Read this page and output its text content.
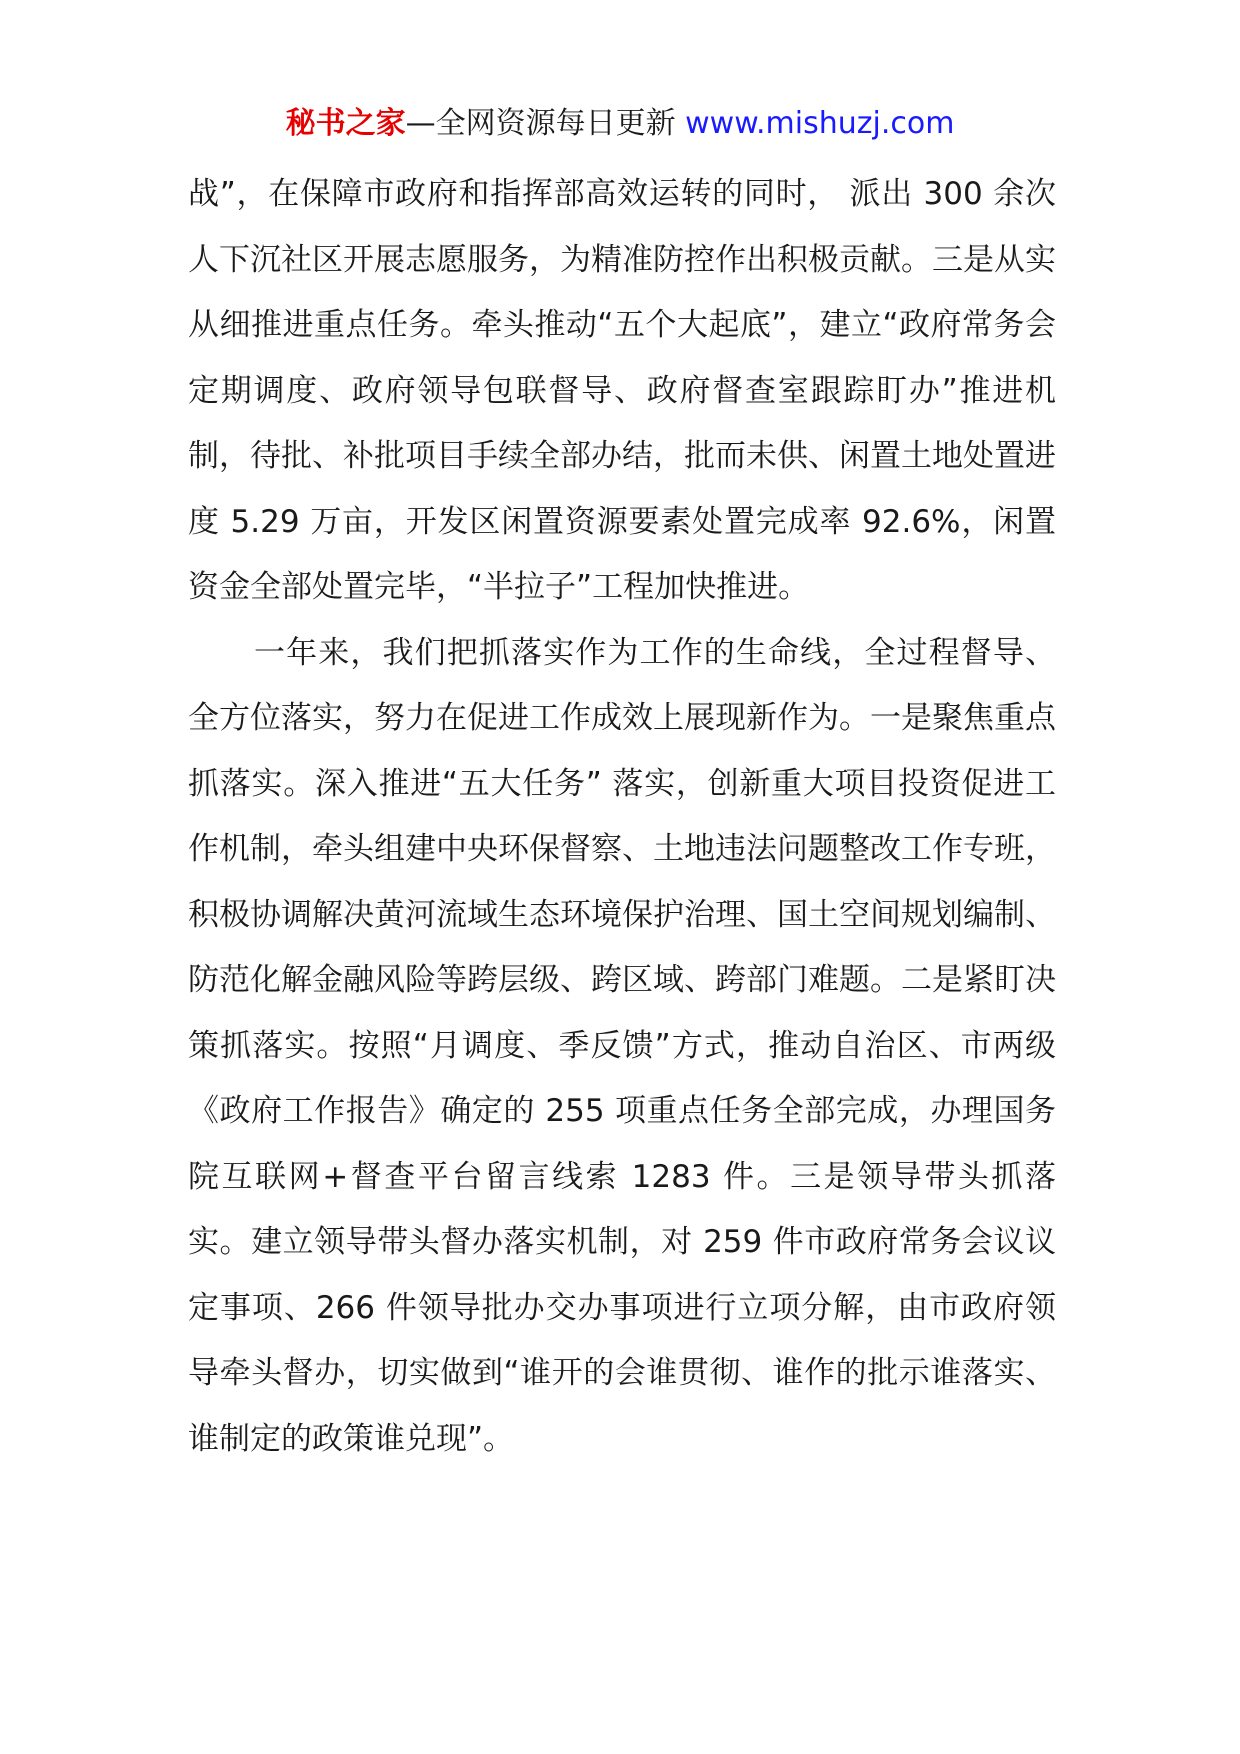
秘书之家—全网资源每日更新 www.mishuzj.com

战”，在保障市政府和指挥部高效运转的同时， 派出 300 余次人下沉社区开展志愿服务，为精准防控作出积极贡献。三是从实从细推进重点任务。牵头推动“五个大起底”，建立“政府常务会定期调度、政府领导包联督导、政府督查室跟踪盯办”推进机制，待批、补批项目手续全部办结，批而未供、闲置土地处置进度 5.29 万亩，开发区闲置资源要素处置完成率 92.6%，闲置资金全部处置完毕，“半拉子”工程加快推进。

一年来，我们把抓落实作为工作的生命线，全过程督导、全方位落实，努力在促进工作成效上展现新作为。一是聚焦重点抓落实。深入推进“五大任务” 落实，创新重大项目投资促进工作机制，牵头组建中央环保督察、土地违法问题整改工作专班，积极协调解决黄河流域生态环境保护治理、国土空间规划编制、防范化解金融风险等跨层级、跨区域、跨部门难题。二是紧盯决策抓落实。按照“月调度、季反馈”方式，推动自治区、市两级《政府工作报告》确定的 255 项重点任务全部完成，办理国务院互联网+督查平台留言线索 1283 件。三是领导带头抓落实。建立领导带头督办落实机制，对 259 件市政府常务会议议定事项、266 件领导批办交办事项进行立项分解，由市政府领导牵头督办，切实做到“谁开的会谁贯彻、谁作的批示谁落实、谁制定的政策谁兑现”。
